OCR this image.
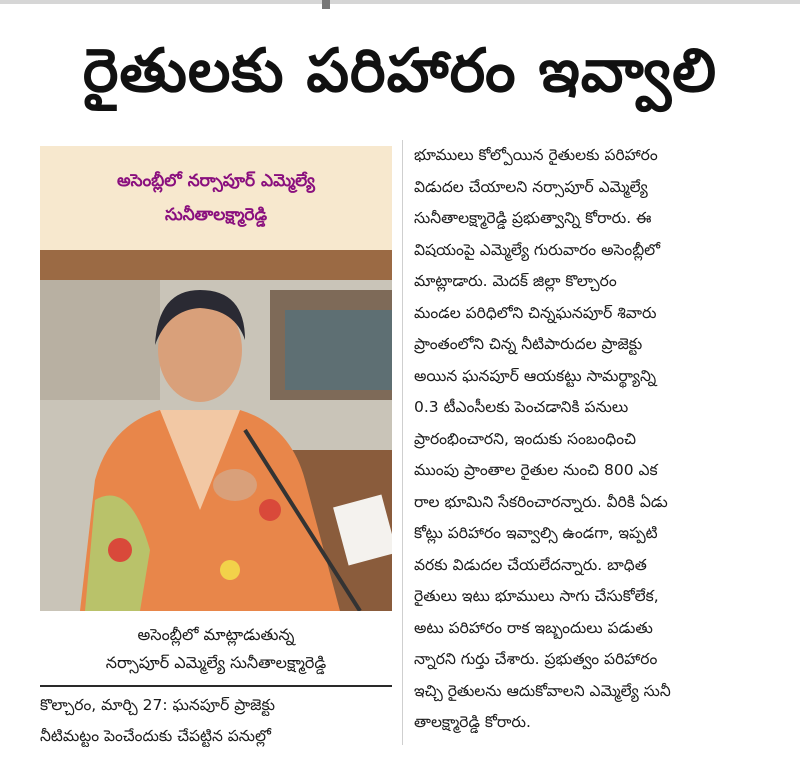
రైతులకు పరిహారం ఇవ్వాలి
అసెంబ్లీలో నర్సాపూర్ ఎమ్మెల్యే
సునీతాలక్ష్మారెడ్డి
అసెంబ్లీలో మాట్లాడుతున్న
నర్సాపూర్ ఎమ్మెల్యే సునీతాలక్ష్మారెడ్డి
కొల్చారం, మార్చి 27: ఘనపూర్ ప్రాజెక్టు
నీటిమట్టం పెంచేందుకు చేపట్టిన పనుల్లో
భూములు కోల్పోయిన రైతులకు పరిహారం
విడుదల చేయాలని నర్సాపూర్ ఎమ్మెల్యే
సునీతాలక్ష్మారెడ్డి ప్రభుత్వాన్ని కోరారు. ఈ
విషయంపై ఎమ్మెల్యే గురువారం అసెంబ్లీలో
మాట్లాడారు. మెదక్ జిల్లా కొల్చారం
మండల పరిధిలోని చిన్నఘనపూర్ శివారు
ప్రాంతంలోని చిన్న నీటిపారుదల ప్రాజెక్టు
అయిన ఘనపూర్ ఆయకట్టు సామర్థ్యాన్ని
0.3 టీఎంసీలకు పెంచడానికి పనులు
ప్రారంభించారని, ఇందుకు సంబంధించి
ముంపు ప్రాంతాల రైతుల నుంచి 800 ఎక
రాల భూమిని సేకరించారన్నారు. వీరికి ఏడు
కోట్లు పరిహారం ఇవ్వాల్సి ఉండగా, ఇప్పటి
వరకు విడుదల చేయలేదన్నారు. బాధిత
రైతులు ఇటు భూములు సాగు చేసుకోలేక,
అటు పరిహారం రాక ఇబ్బందులు పడుతు
న్నారని గుర్తు చేశారు. ప్రభుత్వం పరిహారం
ఇచ్చి రైతులను ఆదుకోవాలని ఎమ్మెల్యే సునీ
తాలక్ష్మారెడ్డి కోరారు.
